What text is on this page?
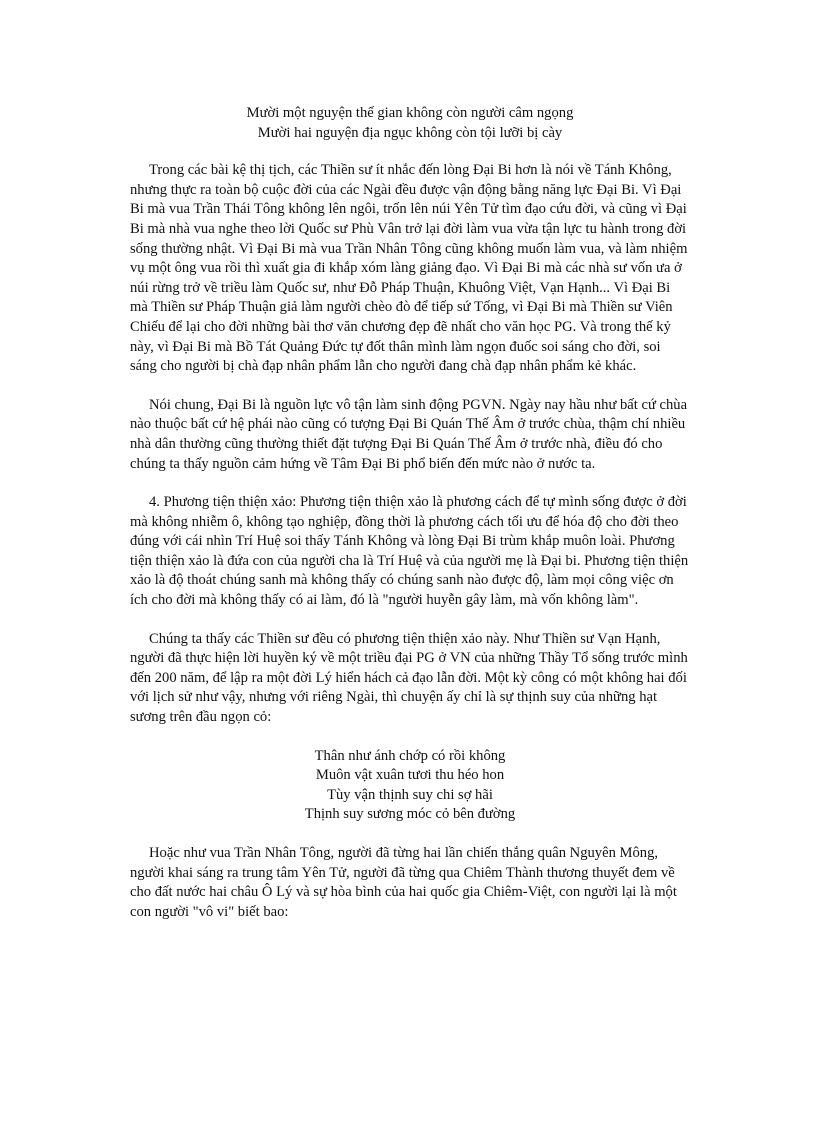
Mười một nguyện thế gian không còn người câm ngọng
Mười hai nguyện địa ngục không còn tội lưỡi bị cày

Trong các bài kệ thị tịch, các Thiền sư ít nhắc đến lòng Đại Bi hơn là nói về Tánh Không, nhưng thực ra toàn bộ cuộc đời của các Ngài đều được vận động bằng năng lực Đại Bi. Vì Đại Bi mà vua Trần Thái Tông không lên ngôi, trốn lên núi Yên Tử tìm đạo cứu đời, và cũng vì Đại Bi mà nhà vua nghe theo lời Quốc sư Phù Vân trở lại đời làm vua vừa tận lực tu hành trong đời sống thường nhật. Vì Đại Bi mà vua Trần Nhân Tông cũng không muốn làm vua, và làm nhiệm vụ một ông vua rồi thì xuất gia đi khắp xóm làng giảng đạo. Vì Đại Bi mà các nhà sư vốn ưa ở núi rừng trở về triều làm Quốc sư, như Đỗ Pháp Thuận, Khuông Việt, Vạn Hạnh... Vì Đại Bi mà Thiền sư Pháp Thuận giả làm người chèo đò để tiếp sứ Tống, vì Đại Bi mà Thiền sư Viên Chiếu để lại cho đời những bài thơ văn chương đẹp đẽ nhất cho văn học PG. Và trong thế kỷ này, vì Đại Bi mà Bồ Tát Quảng Đức tự đốt thân mình làm ngọn đuốc soi sáng cho đời, soi sáng cho người bị chà đạp nhân phẩm lẫn cho người đang chà đạp nhân phẩm kẻ khác.

Nói chung, Đại Bi là nguồn lực vô tận làm sinh động PGVN. Ngày nay hầu như bất cứ chùa nào thuộc bất cứ hệ phái nào cũng có tượng Đại Bi Quán Thế Âm ở trước chùa, thậm chí nhiều nhà dân thường cũng thường thiết đặt tượng Đại Bi Quán Thế Âm ở trước nhà, điều đó cho chúng ta thấy nguồn cảm hứng về Tâm Đại Bi phổ biến đến mức nào ở nước ta.

4. Phương tiện thiện xảo: Phương tiện thiện xảo là phương cách để tự mình sống được ở đời mà không nhiễm ô, không tạo nghiệp, đồng thời là phương cách tối ưu để hóa độ cho đời theo đúng với cái nhìn Trí Huệ soi thấy Tánh Không và lòng Đại Bi trùm khắp muôn loài. Phương tiện thiện xảo là đứa con của người cha là Trí Huệ và của người mẹ là Đại bi. Phương tiện thiện xảo là độ thoát chúng sanh mà không thấy có chúng sanh nào được độ, làm mọi công việc ơn ích cho đời mà không thấy có ai làm, đó là "người huyễn gây làm, mà vốn không làm".

Chúng ta thấy các Thiền sư đều có phương tiện thiện xảo này. Như Thiền sư Vạn Hạnh, người đã thực hiện lời huyền ký về một triều đại PG ở VN của những Thầy Tổ sống trước mình đến 200 năm, để lập ra một đời Lý hiển hách cả đạo lẫn đời. Một kỳ công có một không hai đối với lịch sử như vậy, nhưng với riêng Ngài, thì chuyện ấy chỉ là sự thịnh suy của những hạt sương trên đầu ngọn cỏ:

Thân như ánh chớp có rồi không
Muôn vật xuân tươi thu héo hon
Tùy vận thịnh suy chi sợ hãi
Thịnh suy sương móc cỏ bên đường

Hoặc như vua Trần Nhân Tông, người đã từng hai lần chiến thắng quân Nguyên Mông, người khai sáng ra trung tâm Yên Tử, người đã từng qua Chiêm Thành thương thuyết đem về cho đất nước hai châu Ô Lý và sự hòa bình của hai quốc gia Chiêm-Việt, con người lại là một con người "vô vi" biết bao:
